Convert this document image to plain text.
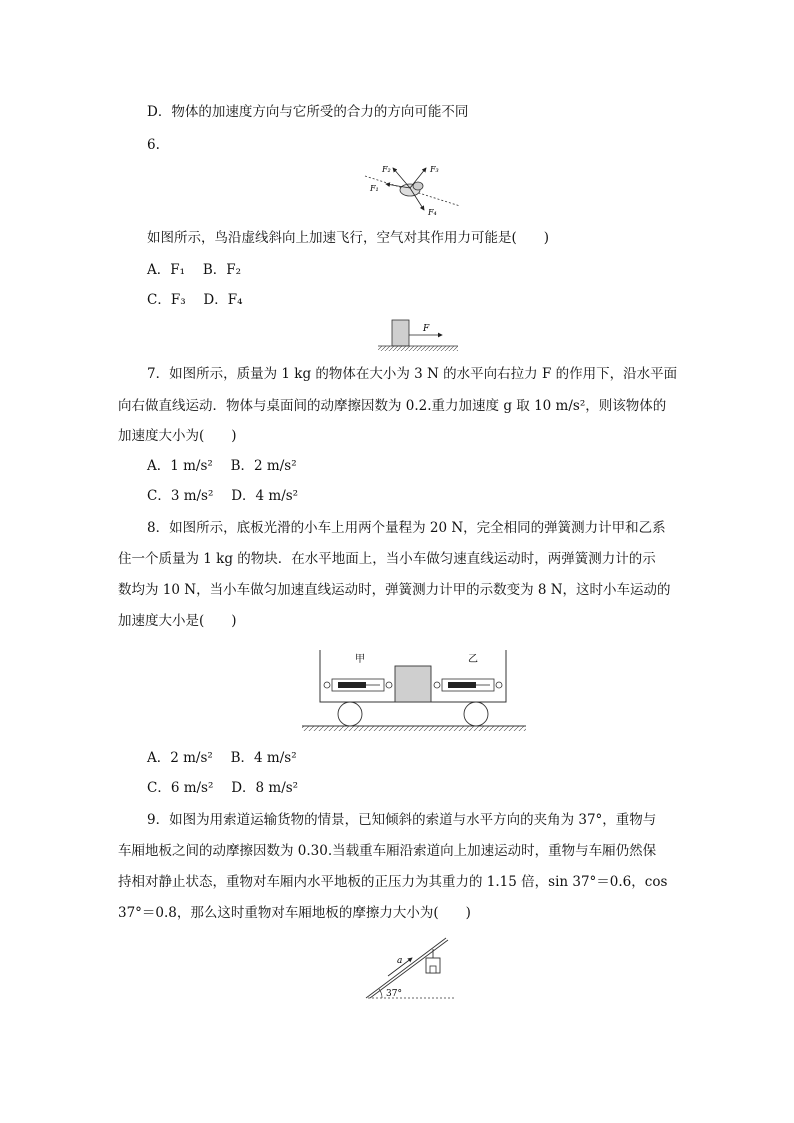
D．物体的加速度方向与它所受的合力的方向可能不同
6.
F₂	F₃
F₁
F₄
如图所示，鸟沿虚线斜向上加速飞行，空气对其作用力可能是(　　)
A．F₁　 B．F₂
C．F₃　 D．F₄
F
7．如图所示，质量为 1 kg 的物体在大小为 3 N 的水平向右拉力 F 的作用下，沿水平面
向右做直线运动．物体与桌面间的动摩擦因数为 0.2.重力加速度 g 取 10 m/s²，则该物体的
加速度大小为(　　)
A．1 m/s²　 B．2 m/s²
C．3 m/s²　 D．4 m/s²
8．如图所示，底板光滑的小车上用两个量程为 20 N，完全相同的弹簧测力计甲和乙系
住一个质量为 1 kg 的物块．在水平地面上，当小车做匀速直线运动时，两弹簧测力计的示
数均为 10 N，当小车做匀加速直线运动时，弹簧测力计甲的示数变为 8 N，这时小车运动的
加速度大小是(　　)
甲	乙
A．2 m/s²　 B．4 m/s²
C．6 m/s²　 D．8 m/s²
9．如图为用索道运输货物的情景，已知倾斜的索道与水平方向的夹角为 37°，重物与
车厢地板之间的动摩擦因数为 0.30.当载重车厢沿索道向上加速运动时，重物与车厢仍然保
持相对静止状态，重物对车厢内水平地板的正压力为其重力的 1.15 倍，sin 37°＝0.6，cos
37°＝0.8，那么这时重物对车厢地板的摩擦力大小为(　　)
37°
a
